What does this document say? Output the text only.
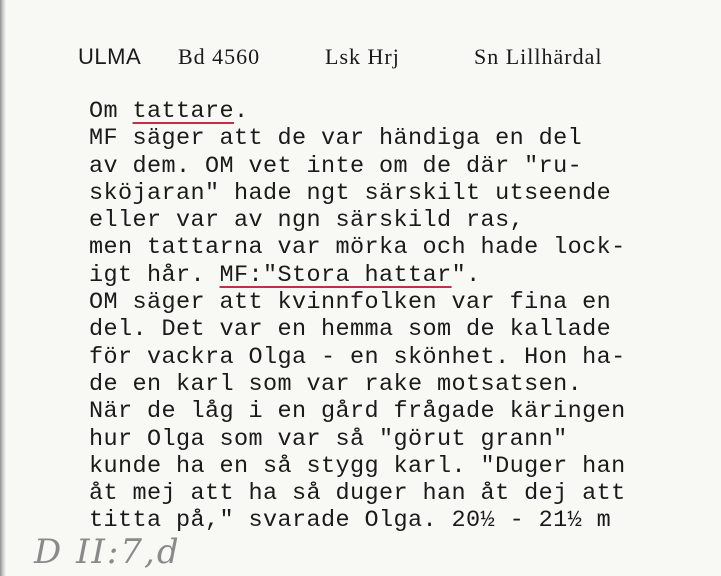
ULMA Bd 4560	Lsk Hrj	Sn Lillhärdal
Om tattare.
MF säger att de var händiga en del
av dem. OM vet inte om de där "ru-
sköjaran" hade ngt särskilt utseende
eller var av ngn särskild ras,
men tattarna var mörka och hade lock-
igt hår. MF:"Stora hattar".
OM säger att kvinnfolken var fina en
del. Det var en hemma som de kallade
för vackra Olga - en skönhet. Hon ha-
de en karl som var rake motsatsen.
När de låg i en gård frågade käringen
hur Olga som var så "görut grann"
kunde ha en så stygg karl. "Duger han
åt mej att ha så duger han åt dej att
titta på," svarade Olga. 20½ - 21½ m
D II:7,d
